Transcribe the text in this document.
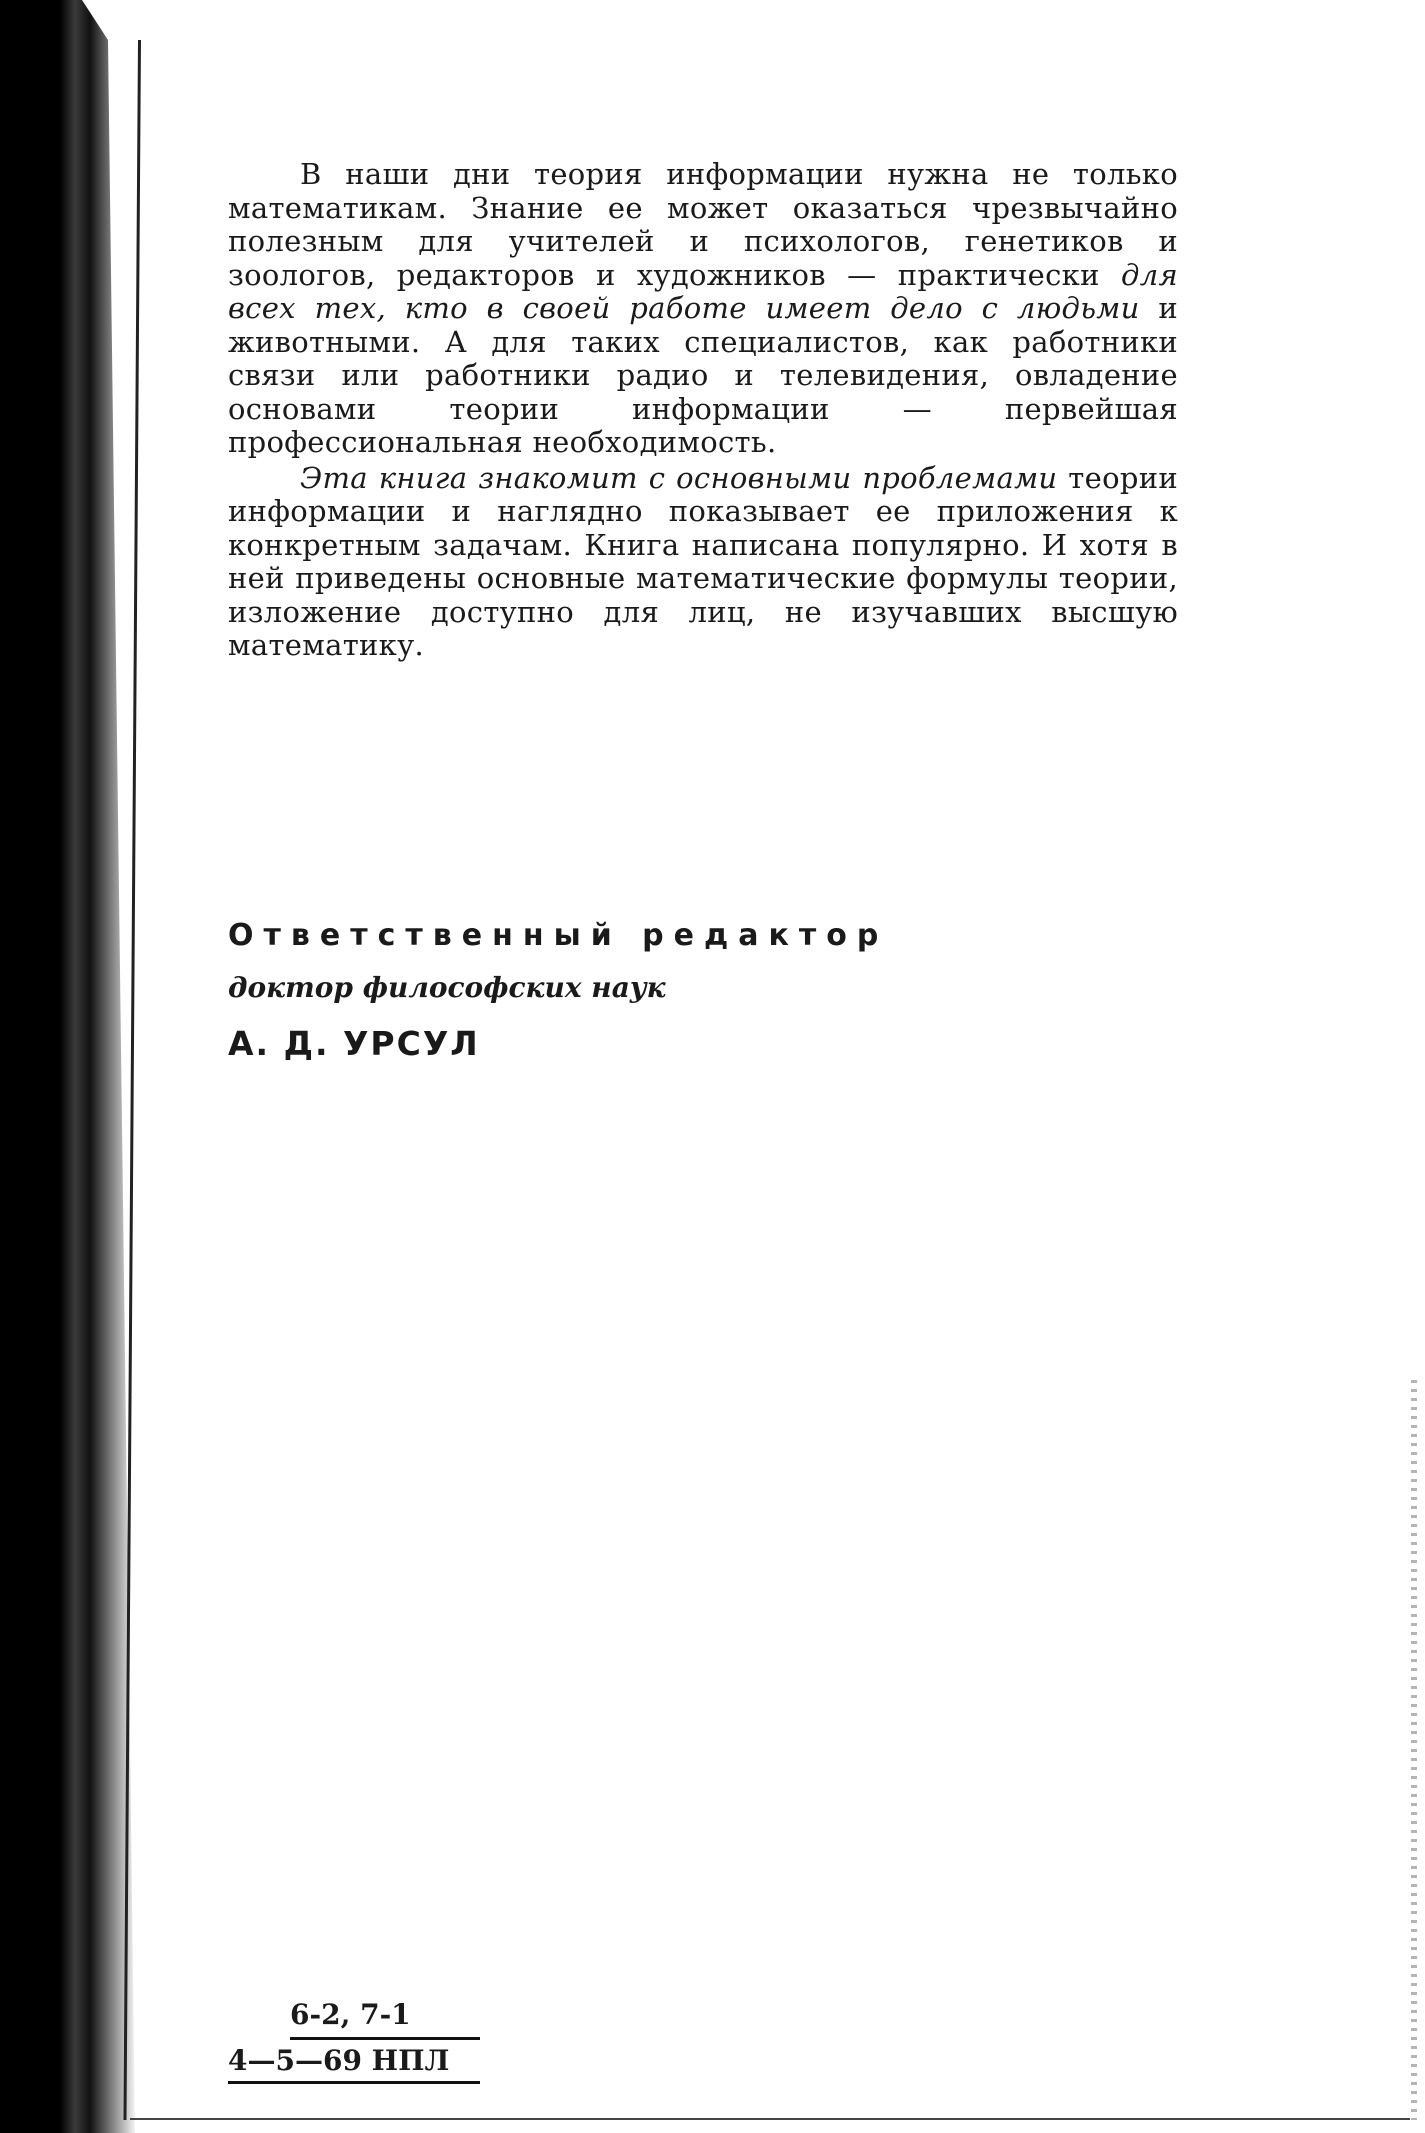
В наши дни теория информации нужна не только математикам. Знание ее может оказаться чрезвычайно полезным для учителей и психологов, генетиков и зоологов, редакторов и художников — практически для всех тех, кто в своей работе имеет дело с людьми и животными. А для таких специалистов, как работники связи или работники радио и телевидения, овладение основами теории информации — первейшая профессиональная необходимость.

Эта книга знакомит с основными проблемами теории информации и наглядно показывает ее приложения к конкретным задачам. Книга написана популярно. И хотя в ней приведены основные математические формулы теории, изложение доступно для лиц, не изучавших высшую математику.

Ответственный редактор

доктор философских наук

А. Д. УРСУЛ

6-2, 7-1
4—5—69 НПЛ
